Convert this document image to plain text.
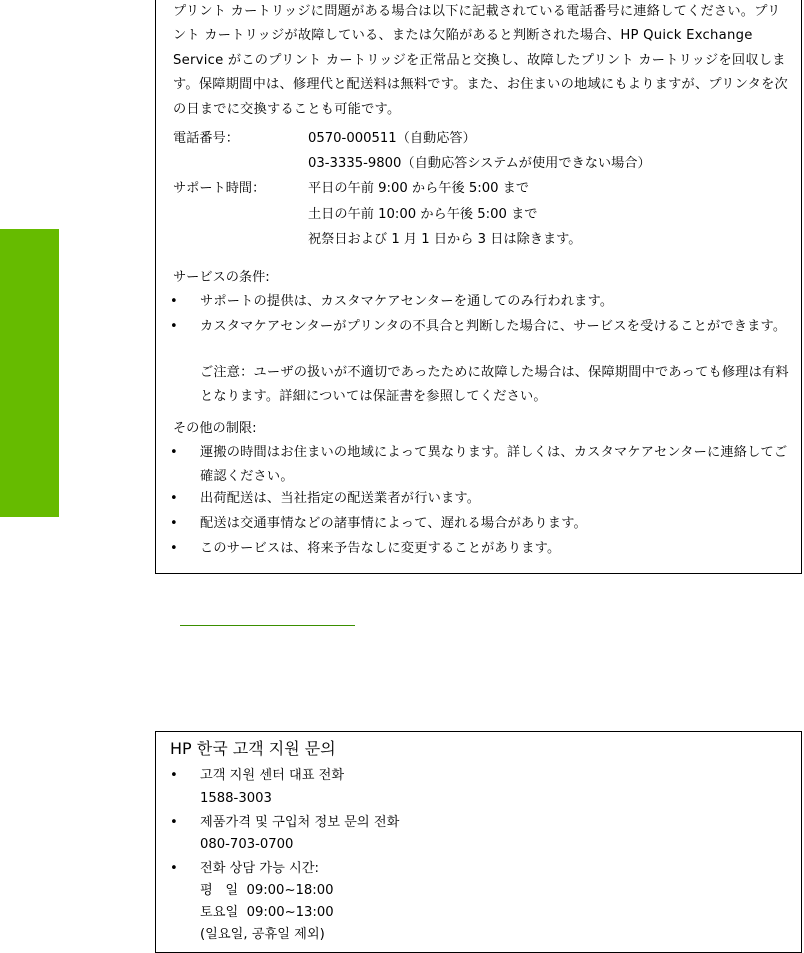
プリント カートリッジに問題がある場合は以下に記載されている電話番号に連絡してください。プリント カートリッジが故障している、または欠陥があると判断された場合、HP Quick Exchange Service がこのプリント カートリッジを正常品と交換し、故障したプリント カートリッジを回収します。保障期間中は、修理代と配送料は無料です。また、お住まいの地域にもよりますが、プリンタを次の日までに交換することも可能です。
電話番号：	0570-000511（自動応答）
03-3335-9800（自動応答システムが使用できない場合）
サポート時間：	平日の午前 9:00 から午後 5:00 まで
土日の午前 10:00 から午後 5:00 まで
祝祭日および 1 月 1 日から 3 日は除きます。
サービスの条件:
• サポートの提供は、カスタマケアセンターを通してのみ行われます。
• カスタマケアセンターがプリンタの不具合と判断した場合に、サービスを受けることができます。
ご注意：ユーザの扱いが不適切であったために故障した場合は、保障期間中であっても修理は有料となります。詳細については保証書を参照してください。
その他の制限:
• 運搬の時間はお住まいの地域によって異なります。詳しくは、カスタマケアセンターに連絡してご確認ください。
• 出荷配送は、当社指定の配送業者が行います。
• 配送は交通事情などの諸事情によって、遅れる場合があります。
• このサービスは、将来予告なしに変更することがあります。
HP 한국 고객 지원 문의
• 고객 지원 센터 대표 전화
1588-3003
• 제품가격 및 구입처 정보 문의 전화
080-703-0700
• 전화 상담 가능 시간:
평   일  09:00~18:00
토요일  09:00~13:00
(일요일, 공휴일 제외)
